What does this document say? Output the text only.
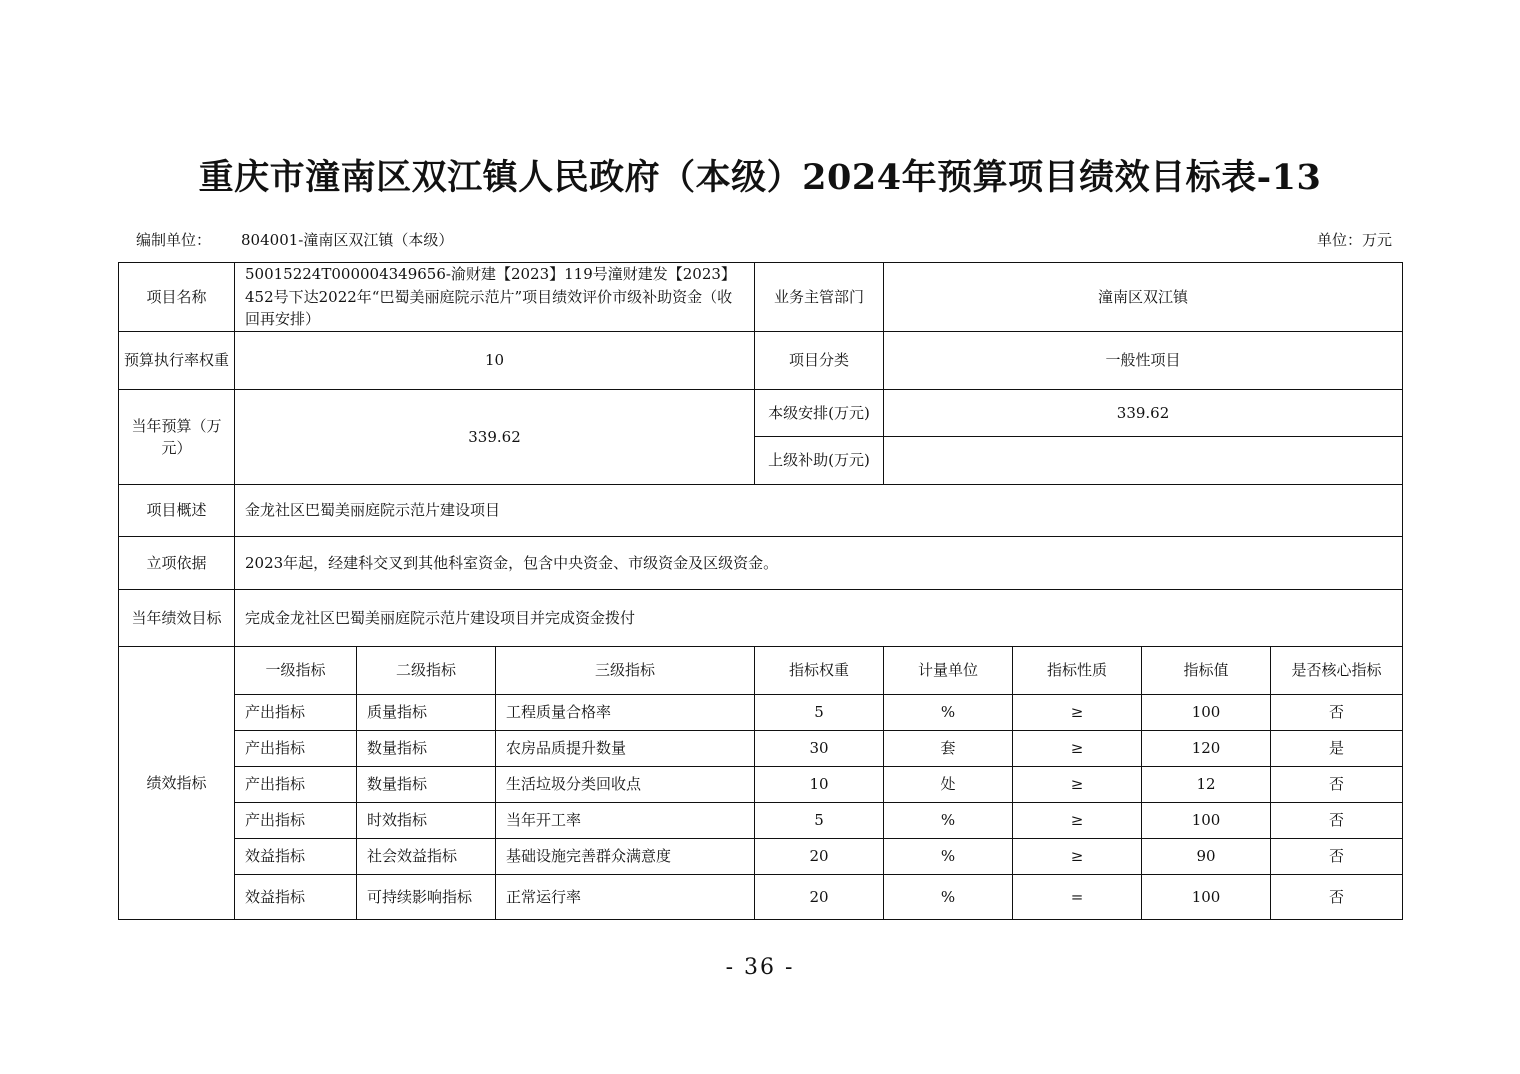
重庆市潼南区双江镇人民政府（本级）2024年预算项目绩效目标表-13
编制单位： 804001-潼南区双江镇（本级）	单位：万元
项目名称	50015224T000004349656-渝财建【2023】119号潼财建发【2023】452号下达2022年“巴蜀美丽庭院示范片”项目绩效评价市级补助资金（收回再安排）			业务主管部门	潼南区双江镇			
预算执行率权重	10			项目分类	一般性项目			
当年预算（万元）	339.62			本级安排(万元)	339.62			
				上级补助(万元)				
项目概述	金龙社区巴蜀美丽庭院示范片建设项目							
立项依据	2023年起，经建科交叉到其他科室资金，包含中央资金、市级资金及区级资金。							
当年绩效目标	完成金龙社区巴蜀美丽庭院示范片建设项目并完成资金拨付							
绩效指标	一级指标	二级指标	三级指标	指标权重	计量单位	指标性质	指标值	是否核心指标
	产出指标	质量指标	工程质量合格率	5	%	≥	100	否
	产出指标	数量指标	农房品质提升数量	30	套	≥	120	是
	产出指标	数量指标	生活垃圾分类回收点	10	处	≥	12	否
	产出指标	时效指标	当年开工率	5	%	≥	100	否
	效益指标	社会效益指标	基础设施完善群众满意度	20	%	≥	90	否
	效益指标	可持续影响指标	正常运行率	20	%	=	100	否
- 36 -
